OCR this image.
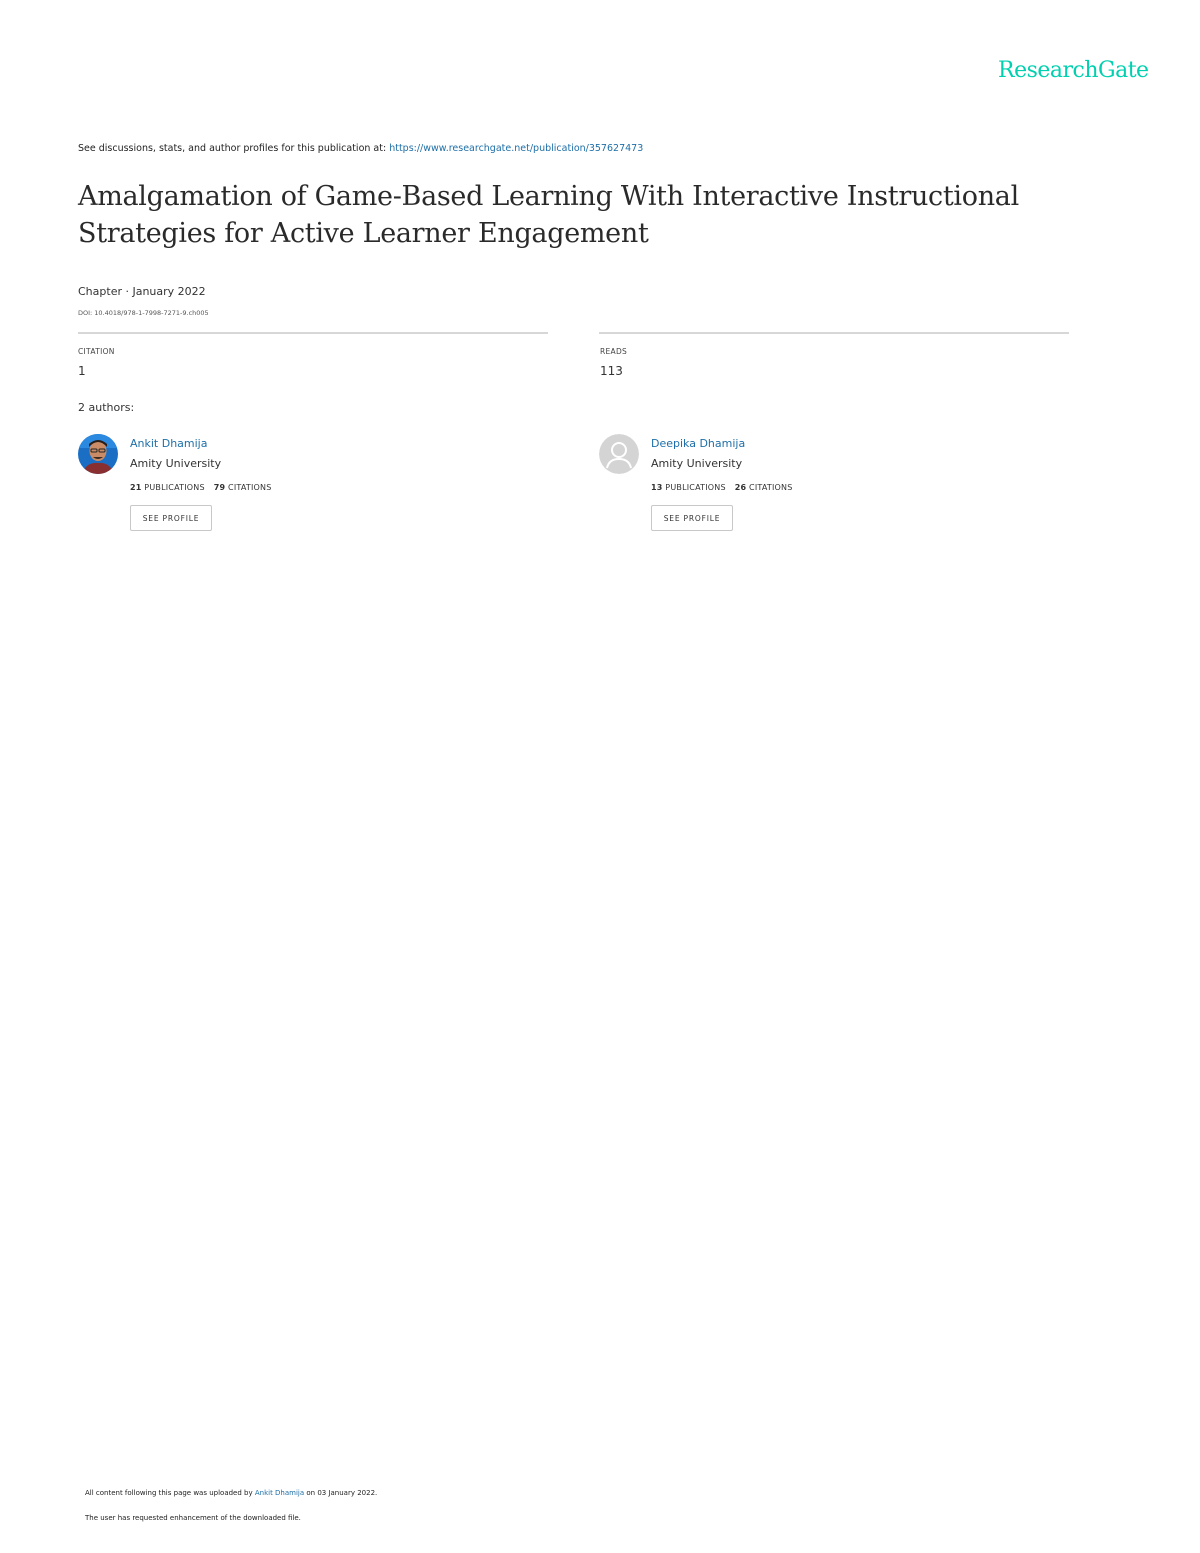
ResearchGate
See discussions, stats, and author profiles for this publication at: https://www.researchgate.net/publication/357627473
Amalgamation of Game-Based Learning With Interactive Instructional Strategies for Active Learner Engagement
Chapter · January 2022
DOI: 10.4018/978-1-7998-7271-9.ch005
CITATION
1
READS
113
2 authors:
Ankit Dhamija
Amity University
21 PUBLICATIONS 79 CITATIONS
SEE PROFILE
Deepika Dhamija
Amity University
13 PUBLICATIONS 26 CITATIONS
SEE PROFILE
All content following this page was uploaded by Ankit Dhamija on 03 January 2022.
The user has requested enhancement of the downloaded file.
